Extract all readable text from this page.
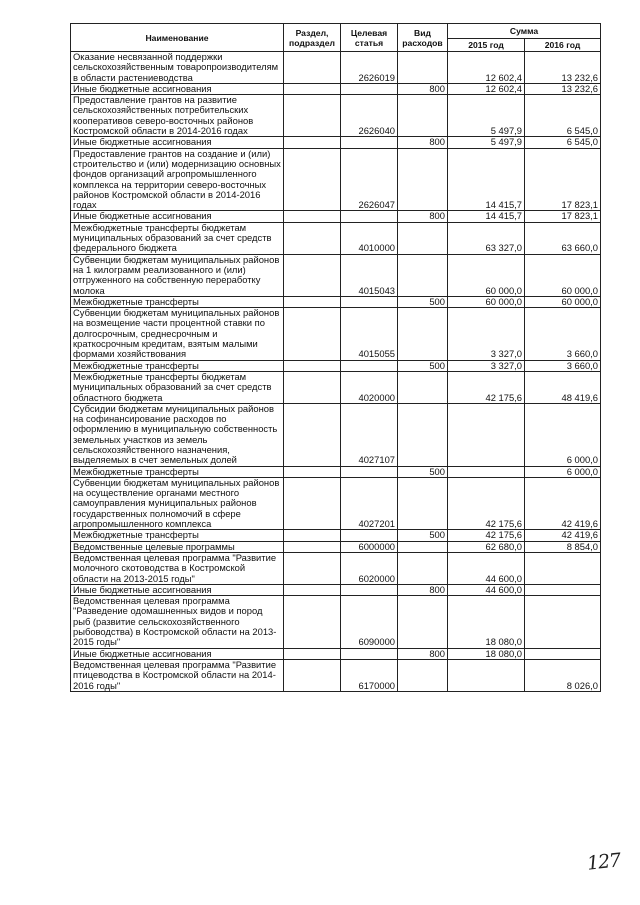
Наименование	Раздел, подраздел	Целевая статья	Вид расходов	Сумма	
				2015 год	2016 год
Оказание несвязанной поддержки сельскохозяйственным товаропроизводителям в области растениеводства		2626019		12 602,4	13 232,6
Иные бюджетные ассигнования			800	12 602,4	13 232,6
Предоставление грантов на развитие сельскохозяйственных потребительских кооперативов северо-восточных районов Костромской области в 2014-2016 годах		2626040		5 497,9	6 545,0
Иные бюджетные ассигнования			800	5 497,9	6 545,0
Предоставление грантов на создание и (или) строительство и (или) модернизацию основных фондов организаций агропромышленного комплекса на территории северо-восточных районов Костромской области в 2014-2016 годах		2626047		14 415,7	17 823,1
Иные бюджетные ассигнования			800	14 415,7	17 823,1
Межбюджетные трансферты бюджетам муниципальных образований за счет средств федерального бюджета		4010000		63 327,0	63 660,0
Субвенции бюджетам муниципальных районов на 1 килограмм реализованного и (или) отгруженного на собственную переработку молока		4015043		60 000,0	60 000,0
Межбюджетные трансферты			500	60 000,0	60 000,0
Субвенции бюджетам муниципальных районов на возмещение части процентной ставки по долгосрочным, среднесрочным и краткосрочным кредитам, взятым малыми формами хозяйствования		4015055		3 327,0	3 660,0
Межбюджетные трансферты			500	3 327,0	3 660,0
Межбюджетные трансферты бюджетам муниципальных образований за счет средств областного бюджета		4020000		42 175,6	48 419,6
Субсидии бюджетам муниципальных районов на софинансирование расходов по оформлению в муниципальную собственность земельных участков из земель сельскохозяйственного назначения, выделяемых в счет земельных долей		4027107			6 000,0
Межбюджетные трансферты			500		6 000,0
Субвенции бюджетам муниципальных районов на осуществление органами местного самоуправления муниципальных районов государственных полномочий в сфере агропромышленного комплекса		4027201		42 175,6	42 419,6
Межбюджетные трансферты			500	42 175,6	42 419,6
Ведомственные целевые программы		6000000		62 680,0	8 854,0
Ведомственная целевая программа "Развитие молочного скотоводства в Костромской области на 2013-2015 годы"		6020000		44 600,0	
Иные бюджетные ассигнования			800	44 600,0	
Ведомственная целевая программа "Разведение одомашненных видов и пород рыб (развитие сельскохозяйственного рыбоводства) в Костромской области на 2013-2015 годы"		6090000		18 080,0	
Иные бюджетные ассигнования			800	18 080,0	
Ведомственная целевая программа "Развитие птицеводства в Костромской области на 2014-2016 годы"		6170000			8 026,0
127
